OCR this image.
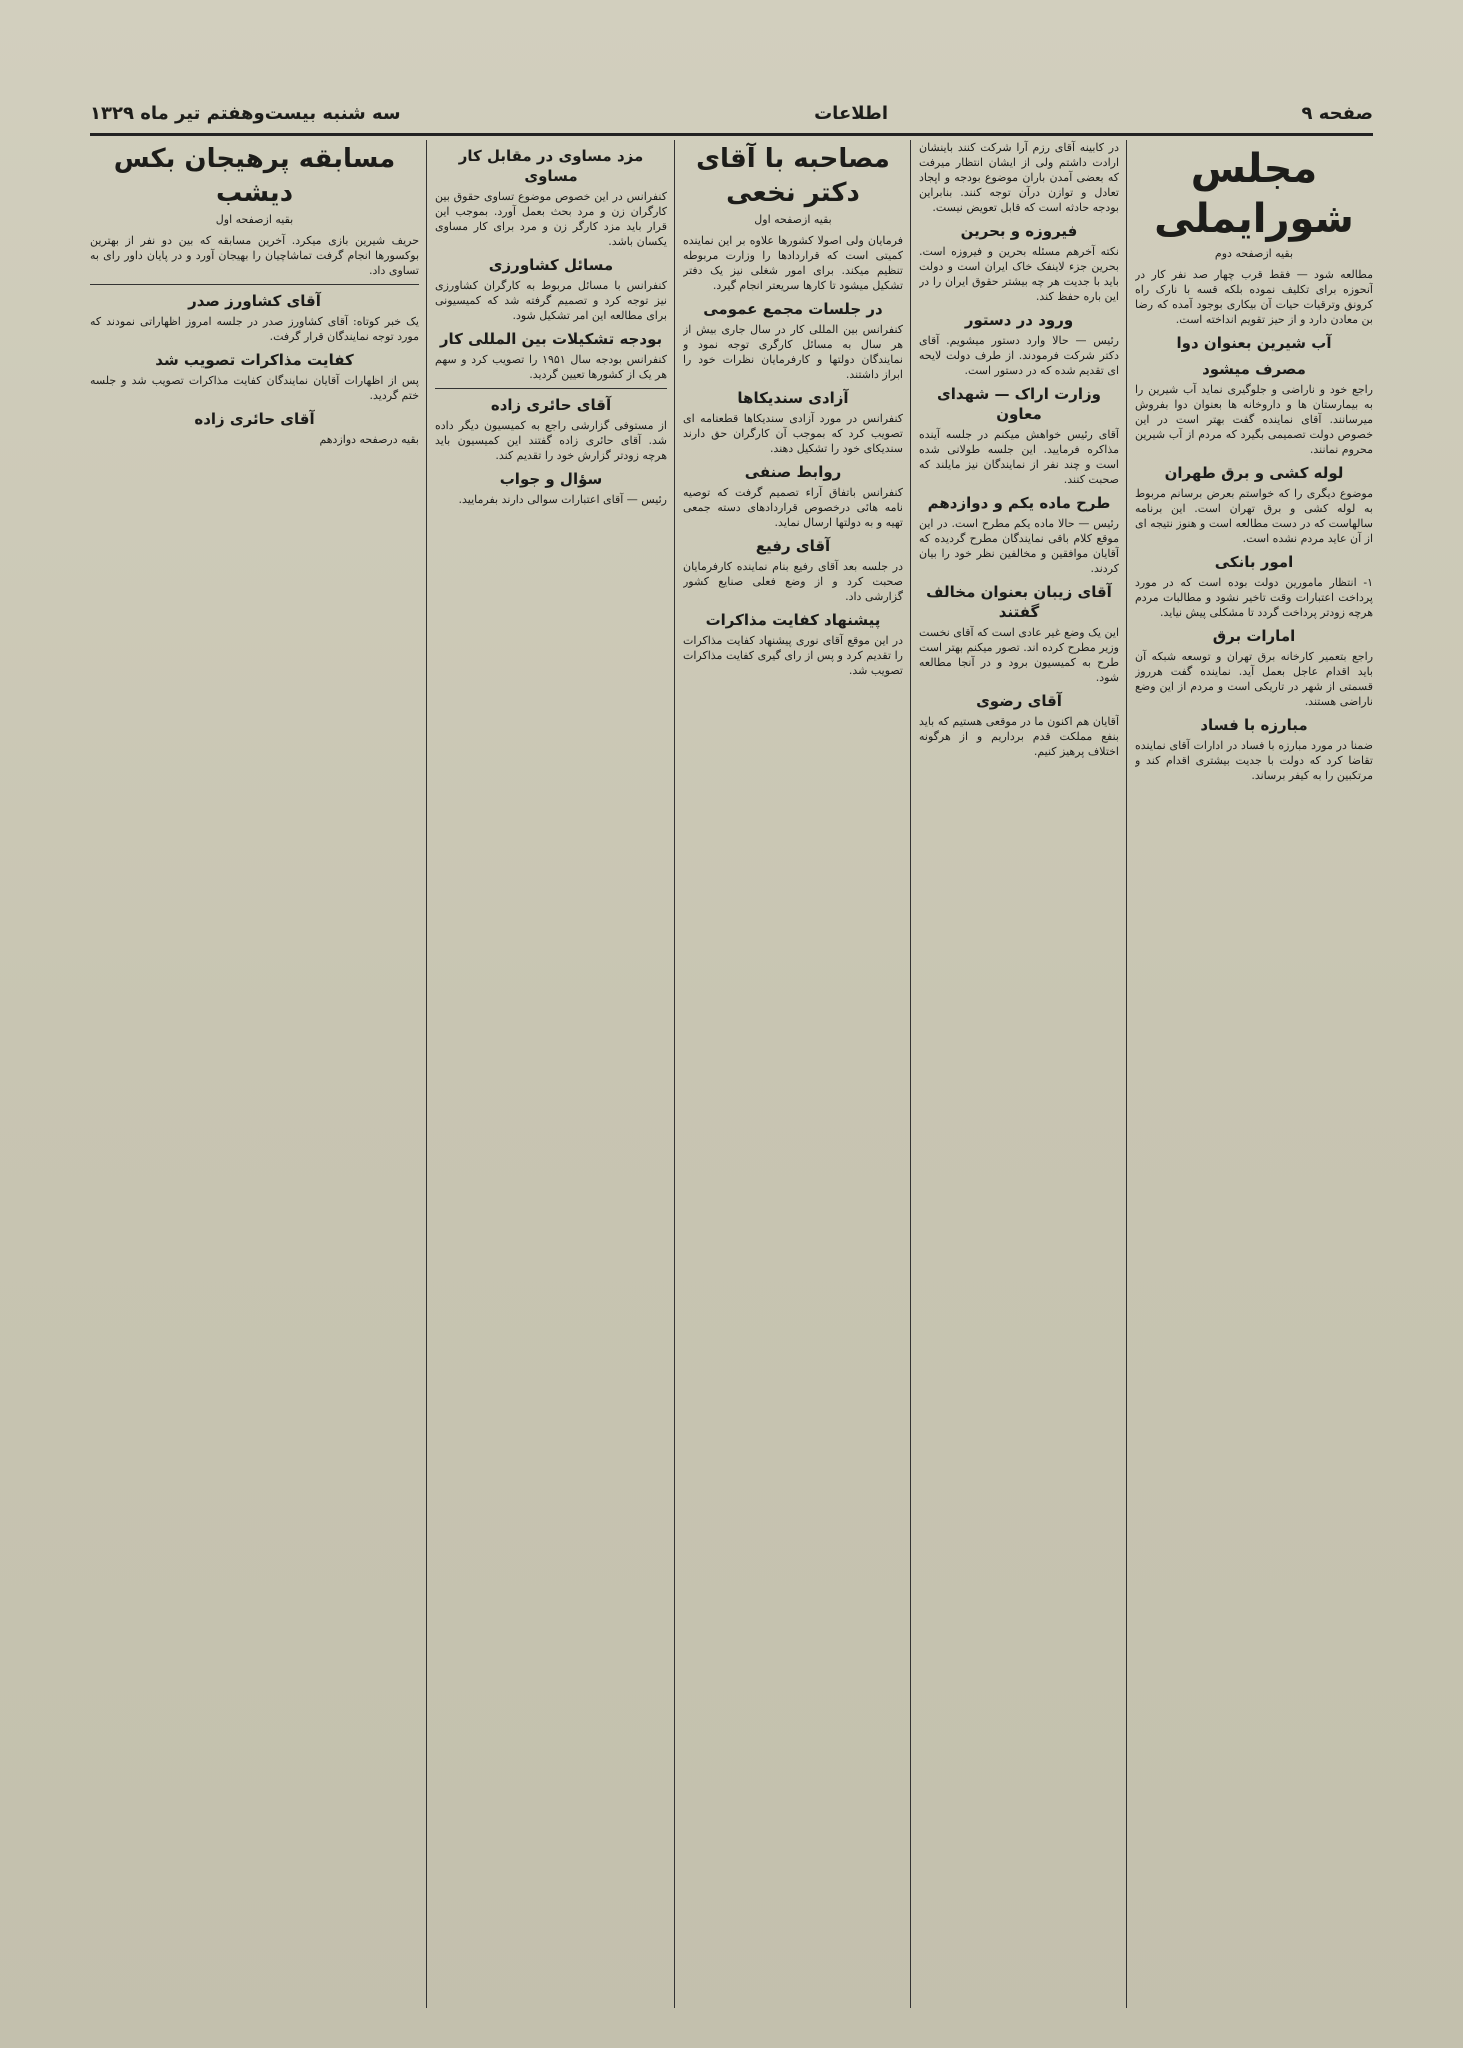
صفحه ۹
اطلاعات
سه شنبه بیست‌وهفتم تیر ماه ۱۳۲۹
مجلس شورایملی
بقیه ازصفحه دوم

مطالعه شود — فقط قرب چهار صد نفر کار در آنحوزه برای تکلیف نموده بلکه قسه با نارک راه کرونق وترقیات حیات آن بیکاری بوجود آمده که رضا بن معادن دارد و از حیز تقویم انداخته است.

آب شیرین بعنوان دوا
مصرف میشود

راجع خود و ناراضی و جلوگیری نماید آب شیرین را به بیمارستان ها و داروخانه ها بعنوان دوا بفروش میرسانند. آقای نماینده گفت بهتر است در این خصوص دولت تصمیمی بگیرد که مردم از آب شیرین محروم نمانند.

لوله کشی و برق طهران

موضوع دیگری را که خواستم بعرض برسانم مربوط به لوله کشی و برق تهران است. این برنامه سالهاست که در دست مطالعه است و هنوز نتیجه ای از آن عاید مردم نشده است.

امور بانکی

۱- انتظار مامورین دولت بوده است که در مورد پرداخت اعتبارات وقت تاخیر نشود و مطالبات مردم هرچه زودتر پرداخت گردد تا مشکلی پیش نیاید.

امارات برق

راجع بتعمیر کارخانه برق تهران و توسعه شبکه آن باید اقدام عاجل بعمل آید. نماینده گفت هرروز قسمتی از شهر در تاریکی است و مردم از این وضع ناراضی هستند.

مبارزه با فساد

ضمنا در مورد مبارزه با فساد در ادارات آقای نماینده تقاضا کرد که دولت با جدیت بیشتری اقدام کند و مرتکبین را به کیفر برساند.

در کابینه آقای رزم آرا شرکت کنند باینشان ارادت داشتم ولی از ایشان انتظار میرفت که بعضی آمدن باران موضوع بودجه و اپجاد تعادل و توازن درآن توجه کنند. بنابراین بودجه حادثه است که قابل تعویض نیست.

فیروزه و بحرین

نکته آخرهم مسئله بحرین و فیروزه است. بحرین جزء لاینفک خاک ایران است و دولت باید با جدیت هر چه بیشتر حقوق ایران را در این باره حفظ کند.

ورود در دستور

رئیس — حالا وارد دستور میشویم. آقای دکتر شرکت فرمودند. از طرف دولت لایحه ای تقدیم شده که در دستور است.

وزارت اراک — شهدای معاون

آقای رئیس خواهش میکنم در جلسه آینده مذاکره فرمایید. این جلسه طولانی شده است و چند نفر از نمایندگان نیز مایلند که صحبت کنند.

طرح ماده یکم و دوازدهم

رئیس — حالا ماده یکم مطرح است. در این موقع کلام باقی نمایندگان مطرح گردیده که آقایان موافقین و مخالفین نظر خود را بیان کردند.

آقای زیبان بعنوان مخالف گفتند

این یک وضع غیر عادی است که آقای نخست وزیر مطرح کرده اند. تصور میکنم بهتر است طرح به کمیسیون برود و در آنجا مطالعه شود.

آقای رضوی

آقایان هم اکنون ما در موقعی هستیم که باید بنفع مملکت قدم برداریم و از هرگونه اختلاف پرهیز کنیم.

مصاحبه با آقای دکتر نخعی
بقیه ازصفحه اول

فرمایان ولی اصولا کشورها علاوه بر این نماینده کمیتی است که قراردادها را وزارت مربوطه تنظیم میکند. برای امور شغلی نیز یک دفتر تشکیل میشود تا کارها سریعتر انجام گیرد.

در جلسات مجمع عمومی

کنفرانس بین المللی کار در سال جاری بیش از هر سال به مسائل کارگری توجه نمود و نمایندگان دولتها و کارفرمایان نظرات خود را ابراز داشتند.

آزادی سندیکاها

کنفرانس در مورد آزادی سندیکاها قطعنامه ای تصویب کرد که بموجب آن کارگران حق دارند سندیکای خود را تشکیل دهند.

روابط صنفی

کنفرانس باتفاق آراء تصمیم گرفت که توصیه نامه هائی درخصوص قراردادهای دسته جمعی تهیه و به دولتها ارسال نماید.

آقای رفیع

در جلسه بعد آقای رفیع بنام نماینده کارفرمایان صحبت کرد و از وضع فعلی صنایع کشور گزارشی داد.

پیشنهاد کفایت مذاکرات

در این موقع آقای نوری پیشنهاد کفایت مذاکرات را تقدیم کرد و پس از رای گیری کفایت مذاکرات تصویب شد.

مزد مساوی در مقابل کار مساوی

کنفرانس در این خصوص موضوع تساوی حقوق بین کارگران زن و مرد بحث بعمل آورد. بموجب این قرار باید مزد کارگر زن و مرد برای کار مساوی یکسان باشد.

مسائل کشاورزی

کنفرانس با مسائل مربوط به کارگران کشاورزی نیز توجه کرد و تصمیم گرفته شد که کمیسیونی برای مطالعه این امر تشکیل شود.

بودجه تشکیلات بین المللی کار

کنفرانس بودجه سال ۱۹۵۱ را تصویب کرد و سهم هر یک از کشورها تعیین گردید.

آقای حائری زاده

از مستوفی گزارشی راجع به کمیسیون دیگر داده شد. آقای حائری زاده گفتند این کمیسیون باید هرچه زودتر گزارش خود را تقدیم کند.

سؤال و جواب

رئیس — آقای اعتبارات سوالی دارند بفرمایید.

مسابقه پرهیجان بکس دیشب
بقیه ازصفحه اول

حریف شیرین بازی میکرد. آخرین مسابقه که بین دو نفر از بهترین بوکسورها انجام گرفت تماشاچیان را بهیجان آورد و در پایان داور رای به تساوی داد.

آقای کشاورز صدر

یک خبر کوتاه: آقای کشاورز صدر در جلسه امروز اظهاراتی نمودند که مورد توجه نمایندگان قرار گرفت.

کفایت مذاکرات تصویب شد

پس از اظهارات آقایان نمایندگان کفایت مذاکرات تصویب شد و جلسه ختم گردید.

آقای حائری زاده

بقیه درصفحه دوازدهم
